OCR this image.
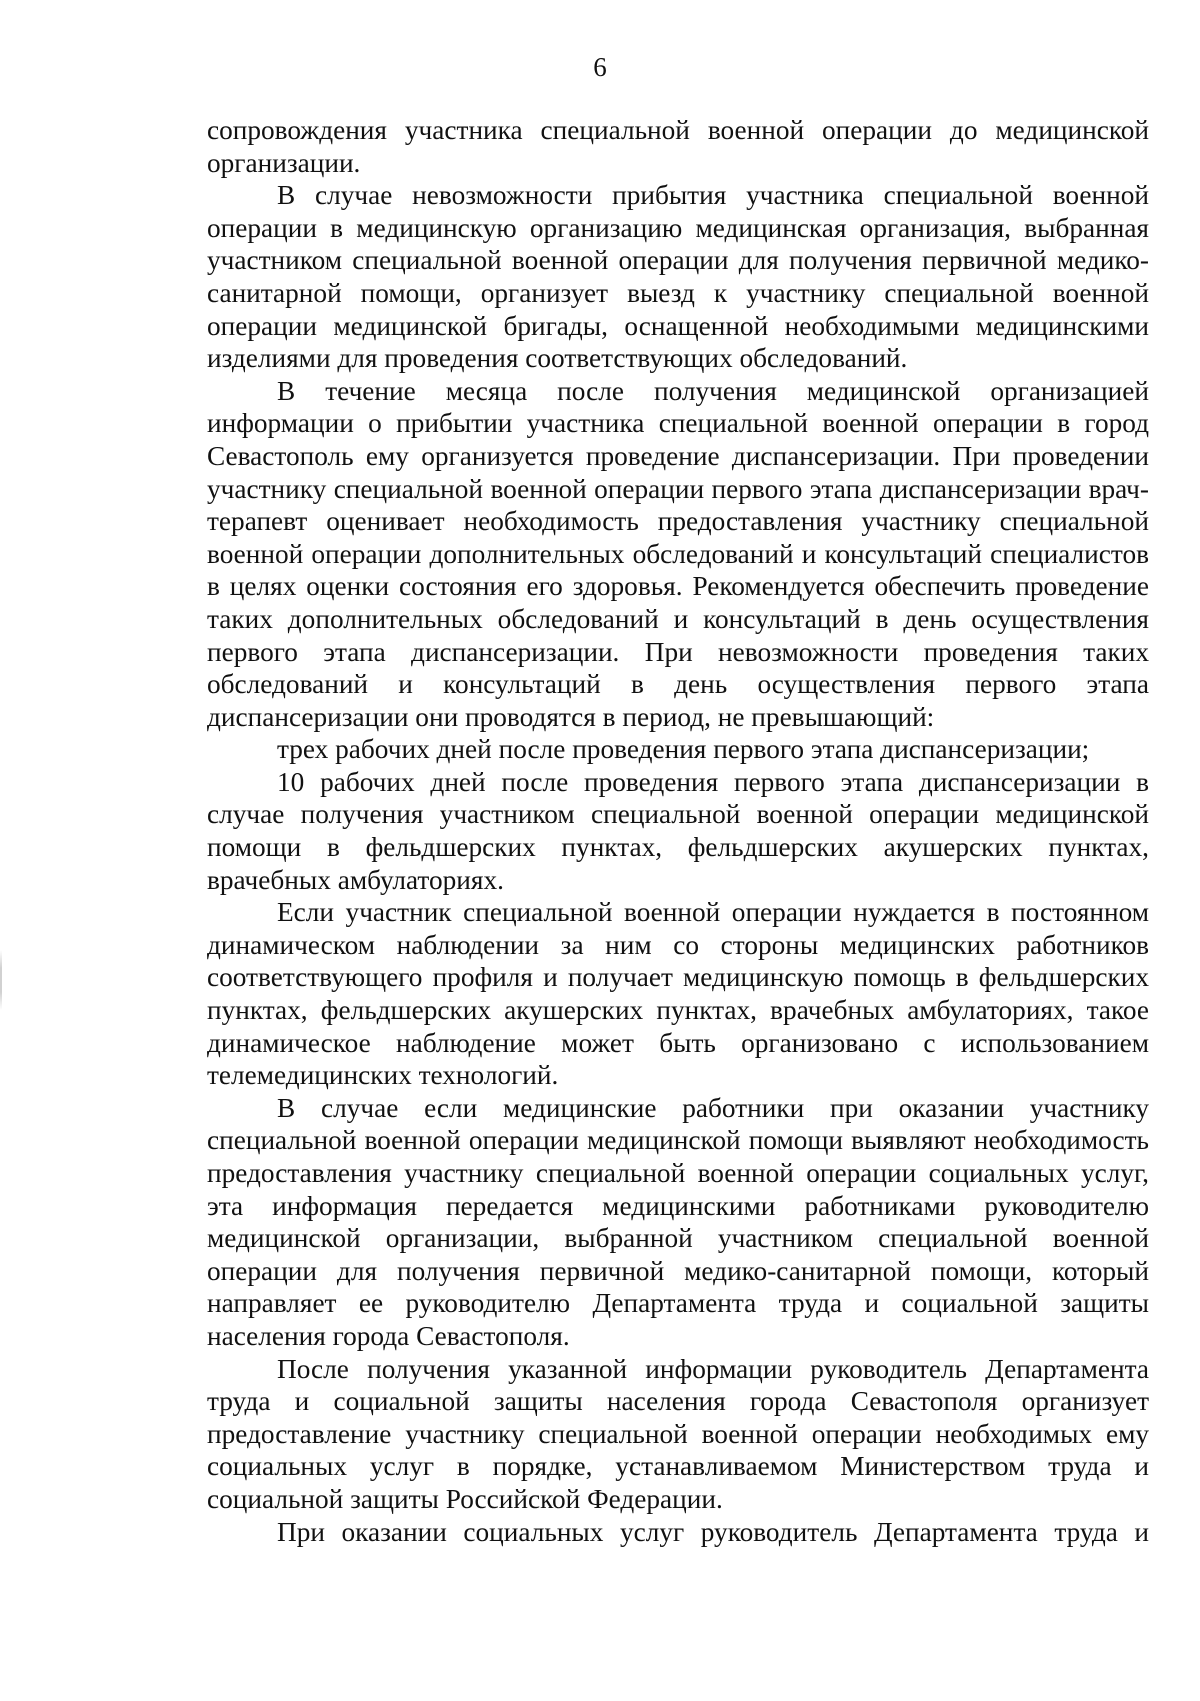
6

сопровождения участника специальной военной операции до медицинской организации.

В случае невозможности прибытия участника специальной военной операции в медицинскую организацию медицинская организация, выбранная участником специальной военной операции для получения первичной медико-санитарной помощи, организует выезд к участнику специальной военной операции медицинской бригады, оснащенной необходимыми медицинскими изделиями для проведения соответствующих обследований.

В течение месяца после получения медицинской организацией информации о прибытии участника специальной военной операции в город Севастополь ему организуется проведение диспансеризации. При проведении участнику специальной военной операции первого этапа диспансеризации врач-терапевт оценивает необходимость предоставления участнику специальной военной операции дополнительных обследований и консультаций специалистов в целях оценки состояния его здоровья. Рекомендуется обеспечить проведение таких дополнительных обследований и консультаций в день осуществления первого этапа диспансеризации. При невозможности проведения таких обследований и консультаций в день осуществления первого этапа диспансеризации они проводятся в период, не превышающий:

трех рабочих дней после проведения первого этапа диспансеризации;

10 рабочих дней после проведения первого этапа диспансеризации в случае получения участником специальной военной операции медицинской помощи в фельдшерских пунктах, фельдшерских акушерских пунктах, врачебных амбулаториях.

Если участник специальной военной операции нуждается в постоянном динамическом наблюдении за ним со стороны медицинских работников соответствующего профиля и получает медицинскую помощь в фельдшерских пунктах, фельдшерских акушерских пунктах, врачебных амбулаториях, такое динамическое наблюдение может быть организовано с использованием телемедицинских технологий.

В случае если медицинские работники при оказании участнику специальной военной операции медицинской помощи выявляют необходимость предоставления участнику специальной военной операции социальных услуг, эта информация передается медицинскими работниками руководителю медицинской организации, выбранной участником специальной военной операции для получения первичной медико-санитарной помощи, который направляет ее руководителю Департамента труда и социальной защиты населения города Севастополя.

После получения указанной информации руководитель Департамента труда и социальной защиты населения города Севастополя организует предоставление участнику специальной военной операции необходимых ему социальных услуг в порядке, устанавливаемом Министерством труда и социальной защиты Российской Федерации.

При оказании социальных услуг руководитель Департамента труда и
